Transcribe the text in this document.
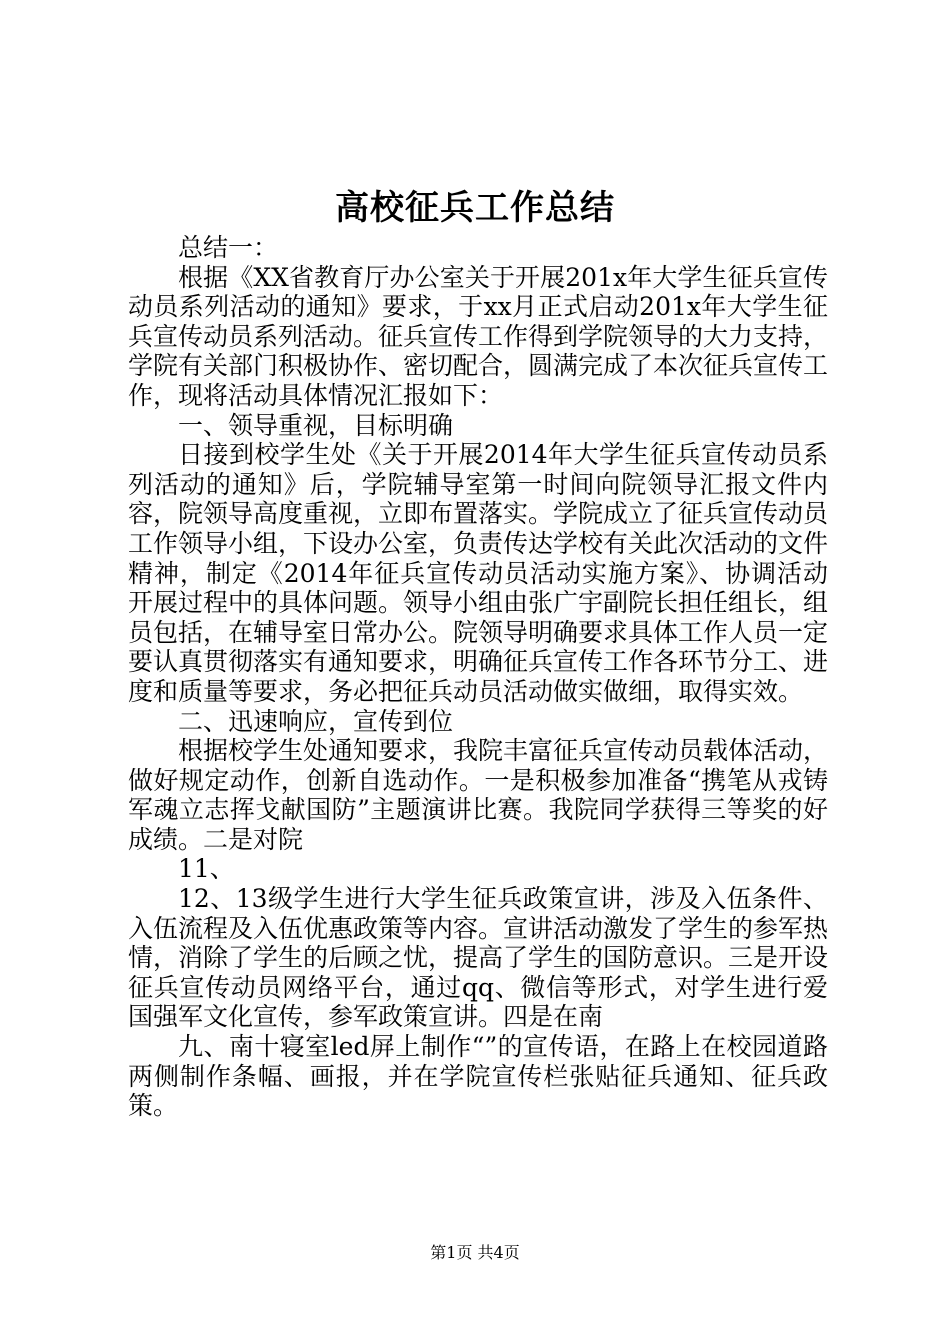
高校征兵工作总结

总结一：

根据《XX省教育厅办公室关于开展201x年大学生征兵宣传动员系列活动的通知》要求，于xx月正式启动201x年大学生征兵宣传动员系列活动。征兵宣传工作得到学院领导的大力支持，学院有关部门积极协作、密切配合，圆满完成了本次征兵宣传工作，现将活动具体情况汇报如下：

一、领导重视，目标明确

日接到校学生处《关于开展2014年大学生征兵宣传动员系列活动的通知》后，学院辅导室第一时间向院领导汇报文件内容，院领导高度重视，立即布置落实。学院成立了征兵宣传动员工作领导小组，下设办公室，负责传达学校有关此次活动的文件精神，制定《2014年征兵宣传动员活动实施方案》、协调活动开展过程中的具体问题。领导小组由张广宇副院长担任组长，组员包括，在辅导室日常办公。院领导明确要求具体工作人员一定要认真贯彻落实有通知要求，明确征兵宣传工作各环节分工、进度和质量等要求，务必把征兵动员活动做实做细，取得实效。

二、迅速响应，宣传到位

根据校学生处通知要求，我院丰富征兵宣传动员载体活动，做好规定动作，创新自选动作。一是积极参加准备“携笔从戎铸军魂立志挥戈献国防”主题演讲比赛。我院同学获得三等奖的好成绩。二是对院

11、

12、13级学生进行大学生征兵政策宣讲，涉及入伍条件、入伍流程及入伍优惠政策等内容。宣讲活动激发了学生的参军热情，消除了学生的后顾之忧，提高了学生的国防意识。三是开设征兵宣传动员网络平台，通过qq、微信等形式，对学生进行爱国强军文化宣传，参军政策宣讲。四是在南

九、南十寝室led屏上制作“”的宣传语，在路上在校园道路两侧制作条幅、画报，并在学院宣传栏张贴征兵通知、征兵政策。

第1页 共4页
